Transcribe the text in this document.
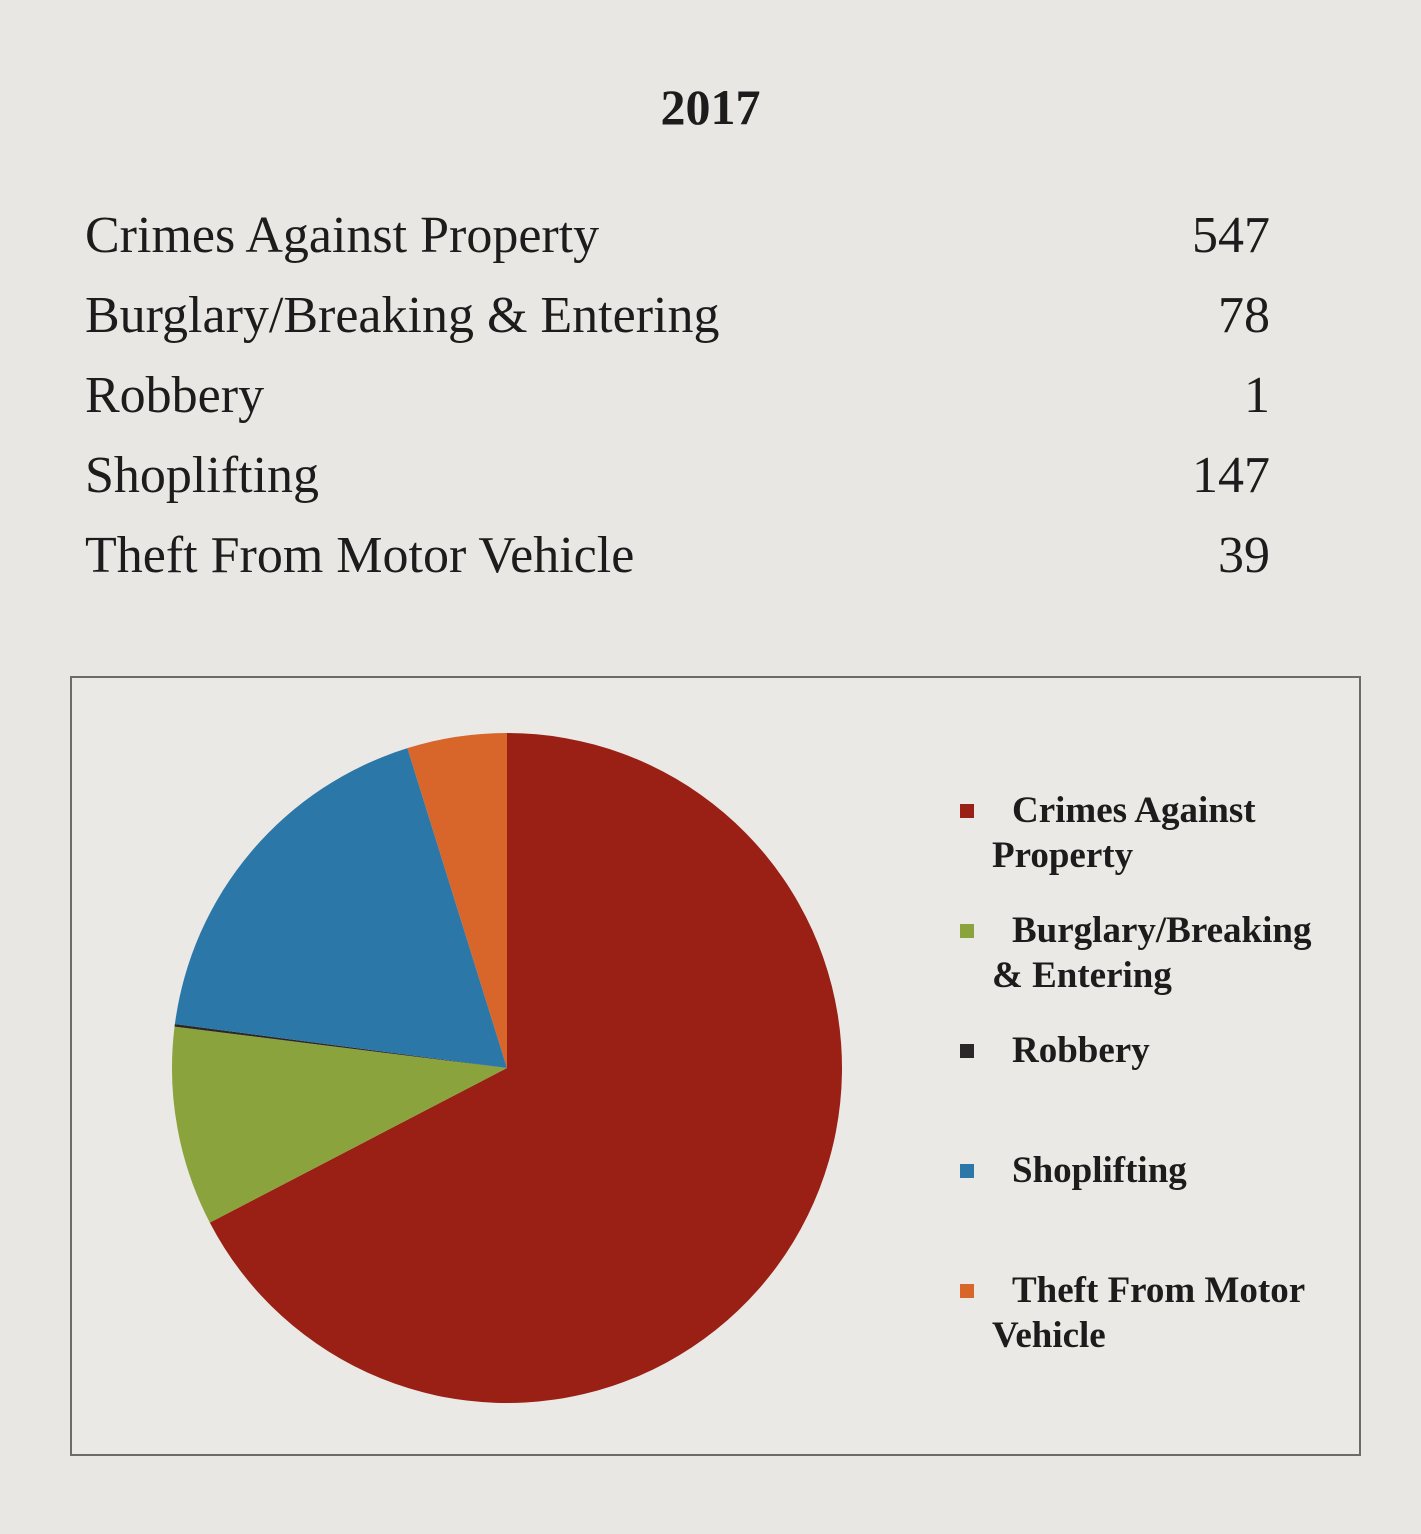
2017
Crimes Against Property	547
Burglary/Breaking & Entering	78
Robbery	1
Shoplifting	147
Theft From Motor Vehicle	39
Crimes Against
Property
Burglary/Breaking
& Entering
Robbery
Shoplifting
Theft From Motor
Vehicle
